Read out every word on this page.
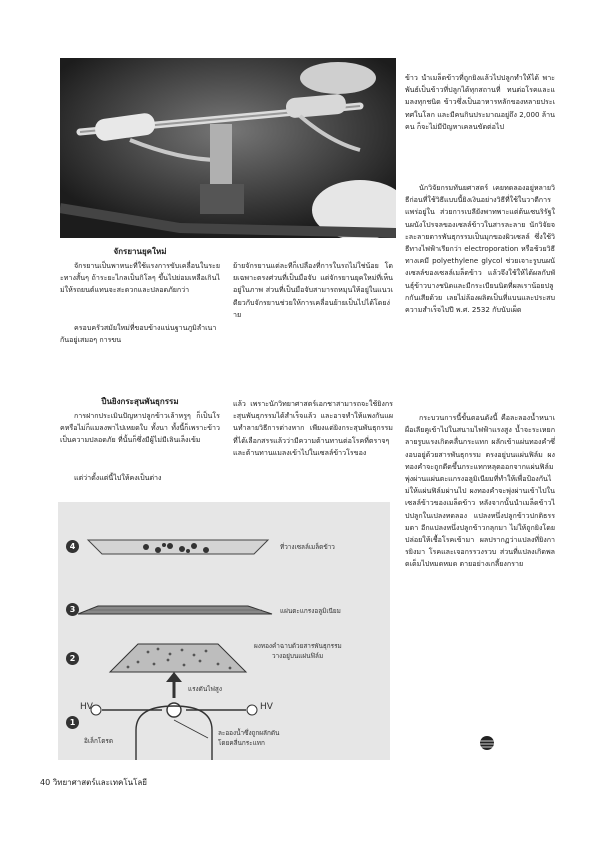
จักรยานยุคใหม่
จักรยานเป็นพาหนะที่ใช้แรงการขับเคลื่อนในระยะทางสั้นๆ ถ้าระยะไกลเป็นกิโลๆ ขึ้นไปย่อมเหลือเกินไม่ให้รถยนต์แทนจะสะดวกและปลอดภัยกว่า
ครอบครัวสมัยใหม่ที่ขอบข้างแน่นฐานภูมิลำเนากันอยู่เสมอๆ การขน
ย้ายจักรยานแต่ละทีก็เปลืองที่การในรถไม่ใช่น้อย โดยเฉพาะตรงศ่วนที่เป็นมือจับ แต่จักรยานยุคใหม่ที่เห็นอยู่ในภาพ ส่วนที่เป็นมือจับสามารถหมุนให้อยู่ในแนวเดียวกับจักรยานช่วยให้การเคลื่อนย้ายเป็นไปได้โดยง่าย
ปืนยิงกระสุนพันธุกรรม
การฝากประเมินปัญหาปลูกข้าวเล้าหรูๆ ก็เป็นโรคหรือไม่ก็แมลงพาไปเหยดใบ ทั้งนา ทั้งนี้ก็เพราะข้าวเป็นความปลอดภัย ที่นั้นก็ซึ่งมีผู้ไม่มีเลินเล็งเข้ม
แต่ว่าตั้งแต่นี้ไปให้คงเป็นต่าง
แล้ว เพราะนักวิทยาศาสตร์เอกชาสามารถจะใช้ยิงกระสุนพันธุกรรมได้สำเร็จแล้ว และอาจทำให้แพงกันแผนทำลายวิธีการต่างหาก เพียงแต่ยิงกระสุนพันธุกรรมที่ได้เลือกสรรแล้วว่ามีความต้านทานต่อโรคที่ตราจๆ และต้านทานแมลงเข้าไปในเซลล์ข้าวโรของ
ข้าว นำเมล็ดข้าวที่ถูกยิงแล้วไปปลูกทำให้ได้ พาะพันธ์เป็นข้าวที่ปลูกได้ทุกสถานที่ ทนต่อโรคและแมลงทุกชนิด ข้าวซึ่งเป็นอาหารหลักของหลายประเทศในโลก และมีคนกินประมาณอยู่ถึง 2,000 ล้านคน ก็จะไม่มีปัญหาเคลนขัดต่อไป
นักวิจัยกรมทันยศาสตร์ เคยทดลองอยู่หลายวิธีก่อนที่ใช้วิธีแบบนี้ยิงเงินอย่างวิธีที่ใช้ในวาตีการแพร่อยู่ใน ส่วยการเบลียังพาทพาะแต่ต้นเซนริรัฐในผนังโปรจลของเซลล์ข้าวในสารละลาย นักวิจัยจะละลายดารพันธุกรรมเป็นมุกของผิวเซลล์ ซึ่งใช้วิธีทางไฟฟ้าเรียกว่า electroporation หรือช้วยวิธีทางเคมี polyethylene glycol ช่วยเจาะรูบนผนังเซลล์ของเซลล์เมล็ดข้าว แล้วจึงใช้ให้ได้ผลกับพันธุ์ข้าวบางชนิดและมีกระเบียนนิดที่ผลเราน้อยปลูกกันเสียด้วย เลยไม่ล้องผลิตเป็นที่แบนและประสบความสำเร็จไปปี พ.ศ. 2532 กับนับเผ็ด
กระบวนการนี้ขั้นตอนดังนี้ คือละลองน้ำหนาเผือเลียคูเข้าไปในสนามไฟฟ้าแรงสูง น้ำจะระเหยกลายรูบแรงเกิดคลื่นกระแทก ผลักเข้าแผ่นทองคำซึ่งอบอยู่ด้วยสารพันธุกรรม ตรงอยู่บนแผ่นฟิล์ม ผงทองคำจะถูกดีดขึ้นกระแทกหลุดออกจากแผ่นฟิล์มพุ่งผ่านแผ่นตะแกรงอลูมิเนียมที่ทำให้เพื่อป้องกันไม่ให้แผ่นฟิล์มผ่านไป ผงทองคำจะพุ่งผ่านเข้าไปในเซลล์ข้าวของเมล็ดข้าว หลังจากนั้นนำเมล็ดข้าวไปปลูกในเปลงทดลอง แปลงหนึ่งปลูกข้าวปกติธรรมดา อีกแปลงหนึ่งปลูกข้าวกลุกมา ไม่ให้ถูกยิงโดยปล่อยให้เชื้อโรคเข้ามา ผลปรากฏว่าแปลงที่ยิงการยิงมา โรคและเจอกรรวงรวบ ส่วนที่แปลงเกิดพลดเต็มไปหมดหมด ตายอย่างเกลี้ยงกราย
4
3
2
1
ที่วางเซลล์เมล็ดข้าว
แผ่นตะแกรงอลูมิเนียม
ผงทองคำฉาบด้วยสารพันธุกรรม
วางอยู่บนแผ่นฟิล์ม
แรงดันไฟสูง
HV	HV
อิเล็กโตรด
ละอองน้ำซึ่งถูกผลักดัน
โดยคลื่นกระแทก
40 วิทยาศาสตร์และเทคโนโลยี
